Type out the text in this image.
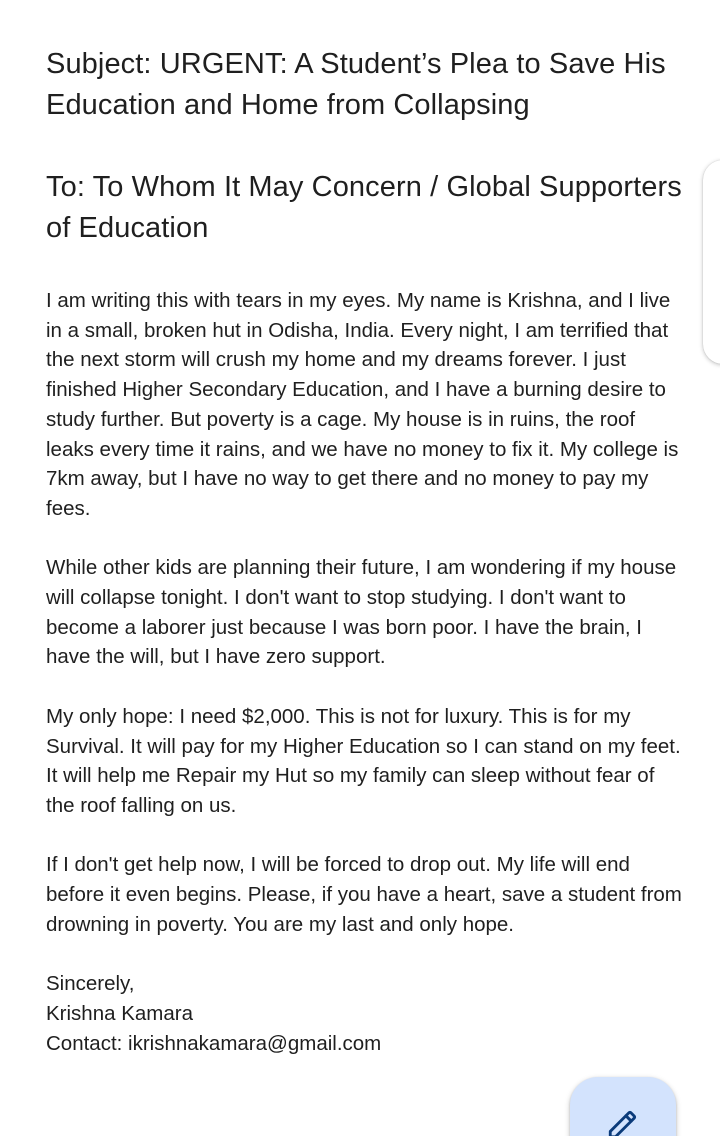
Subject: URGENT: A Student’s Plea to Save His Education and Home from Collapsing
To: To Whom It May Concern / Global Supporters of Education

I am writing this with tears in my eyes. My name is Krishna, and I live in a small, broken hut in Odisha, India. Every night, I am terrified that the next storm will crush my home and my dreams forever. I just finished Higher Secondary Education, and I have a burning desire to study further. But poverty is a cage. My house is in ruins, the roof leaks every time it rains, and we have no money to fix it. My college is 7km away, but I have no way to get there and no money to pay my fees.

While other kids are planning their future, I am wondering if my house will collapse tonight. I don't want to stop studying. I don't want to become a laborer just because I was born poor. I have the brain, I have the will, but I have zero support.

My only hope: I need $2,000. This is not for luxury. This is for my Survival. It will pay for my Higher Education so I can stand on my feet. It will help me Repair my Hut so my family can sleep without fear of the roof falling on us.

If I don't get help now, I will be forced to drop out. My life will end before it even begins. Please, if you have a heart, save a student from drowning in poverty. You are my last and only hope.

Sincerely,
Krishna Kamara
Contact: ikrishnakamara@gmail.com
